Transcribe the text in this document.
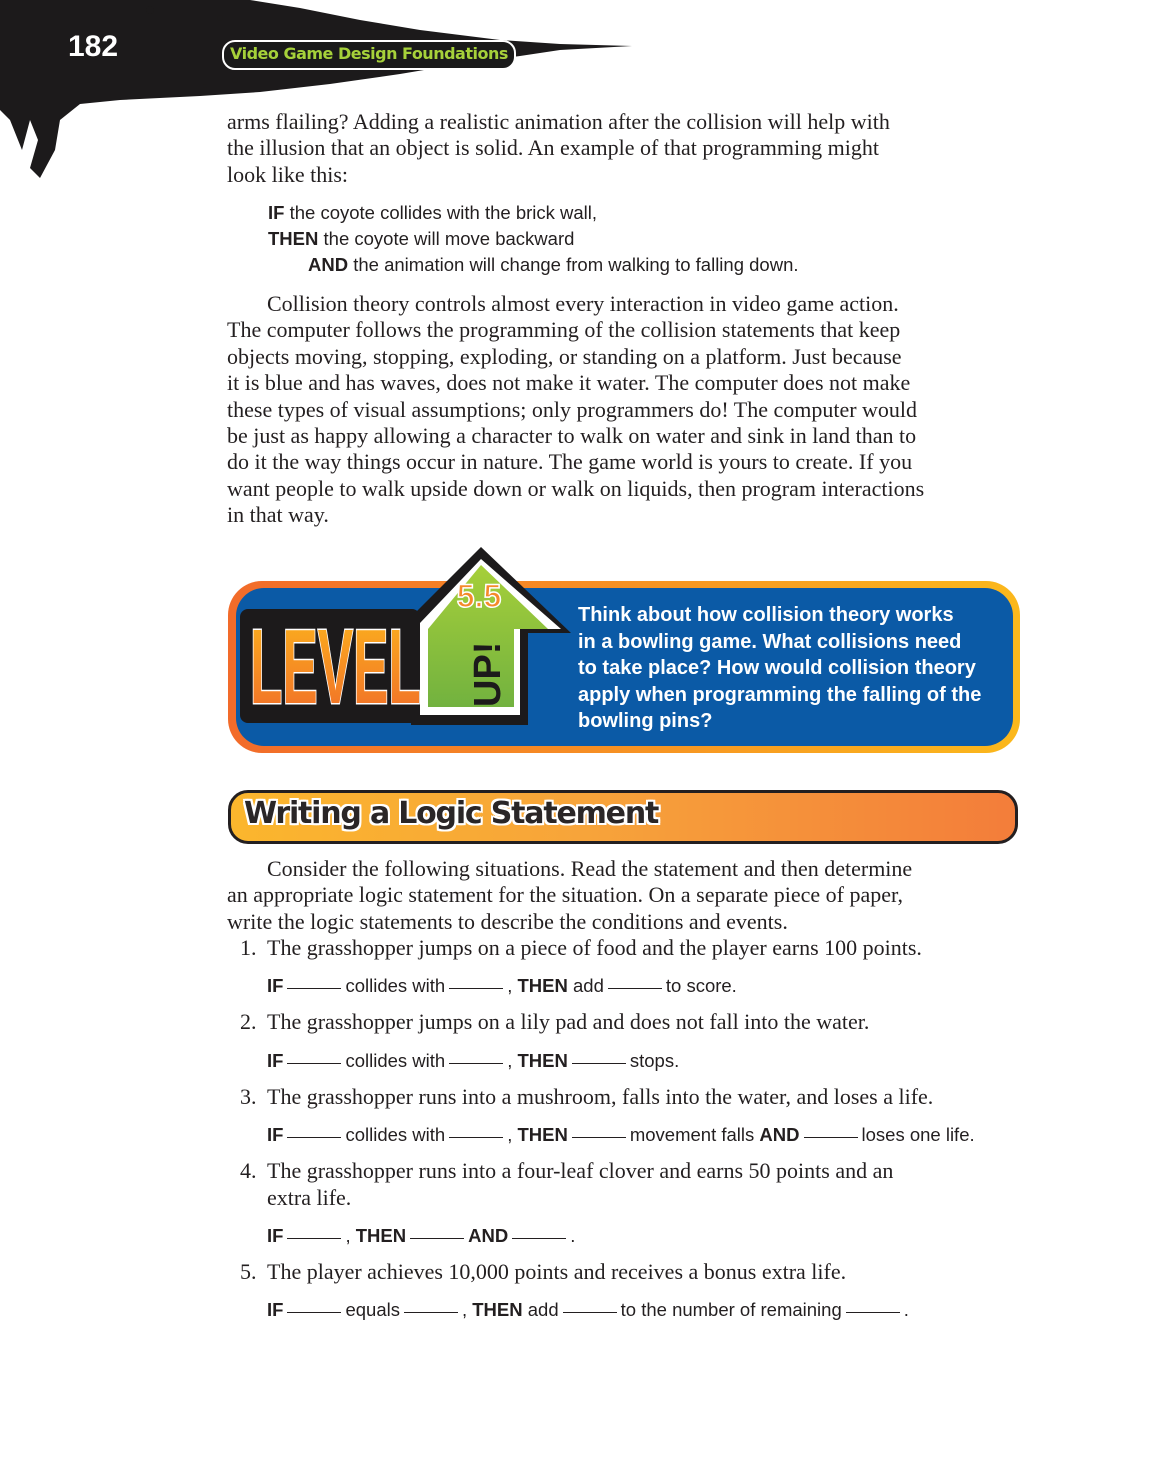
182	Video Game Design Foundations
arms flailing? Adding a realistic animation after the collision will help with
the illusion that an object is solid. An example of that programming might
look like this:
IF the coyote collides with the brick wall,
THEN the coyote will move backward
AND the animation will change from walking to falling down.
Collision theory controls almost every interaction in video game action.
The computer follows the programming of the collision statements that keep
objects moving, stopping, exploding, or standing on a platform. Just because
it is blue and has waves, does not make it water. The computer does not make
these types of visual assumptions; only programmers do! The computer would
be just as happy allowing a character to walk on water and sink in land than to
do it the way things occur in nature. The game world is yours to create. If you
want people to walk upside down or walk on liquids, then program interactions
in that way.
5.5
UP!
LEVEL	Think about how collision theory works
in a bowling game. What collisions need
to take place? How would collision theory
apply when programming the falling of the
bowling pins?
Writing a Logic Statement
Consider the following situations. Read the statement and then determine
an appropriate logic statement for the situation. On a separate piece of paper,
write the logic statements to describe the conditions and events.
1. The grasshopper jumps on a piece of food and the player earns 100 points.
IF	collides with	, THEN add	to score.
2. The grasshopper jumps on a lily pad and does not fall into the water.
IF	collides with	, THEN	stops.
3. The grasshopper runs into a mushroom, falls into the water, and loses a life.
IF	collides with	, THEN	movement falls AND	loses one life.
4. The grasshopper runs into a four-leaf clover and earns 50 points and an
extra life.
IF	, THEN	AND	.
5. The player achieves 10,000 points and receives a bonus extra life.
IF	equals	, THEN add	to the number of remaining	.
